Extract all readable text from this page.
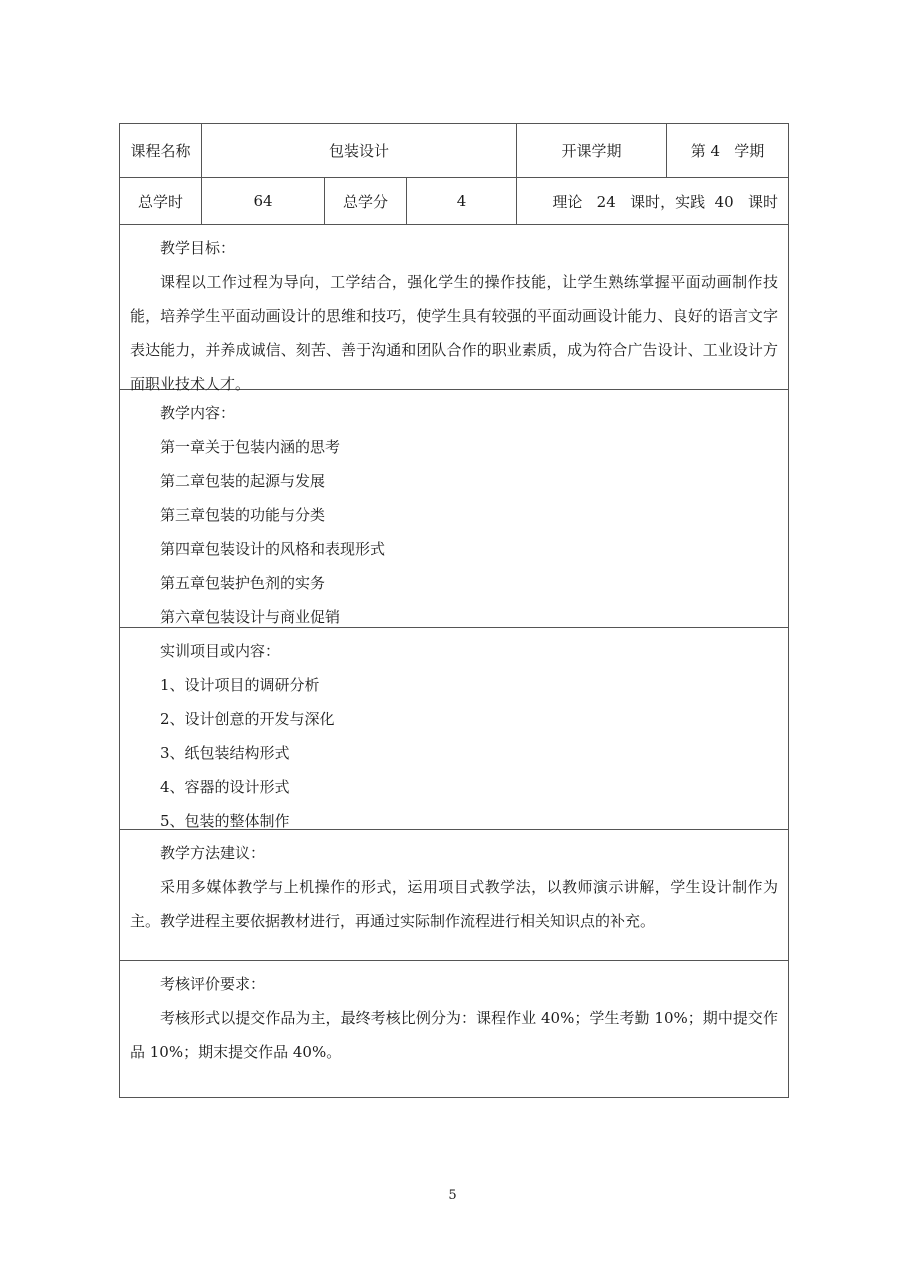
课程名称	包装设计	开课学期	第 4   学期
总学时	64	总学分	4	理论   24   课时，实践  40   课时
教学目标：
课程以工作过程为导向，工学结合，强化学生的操作技能，让学生熟练掌握平面动画制作技能，培养学生平面动画设计的思维和技巧，使学生具有较强的平面动画设计能力、良好的语言文字表达能力，并养成诚信、刻苦、善于沟通和团队合作的职业素质，成为符合广告设计、工业设计方面职业技术人才。
教学内容：
第一章关于包装内涵的思考
第二章包装的起源与发展
第三章包装的功能与分类
第四章包装设计的风格和表现形式
第五章包装护色剂的实务
第六章包装设计与商业促销
实训项目或内容：
1、设计项目的调研分析
2、设计创意的开发与深化
3、纸包装结构形式
4、容器的设计形式
5、包装的整体制作
教学方法建议：
采用多媒体教学与上机操作的形式，运用项目式教学法，以教师演示讲解，学生设计制作为主。教学进程主要依据教材进行，再通过实际制作流程进行相关知识点的补充。
考核评价要求：
考核形式以提交作品为主，最终考核比例分为：课程作业 40%；学生考勤 10%；期中提交作品 10%；期末提交作品 40%。
5
